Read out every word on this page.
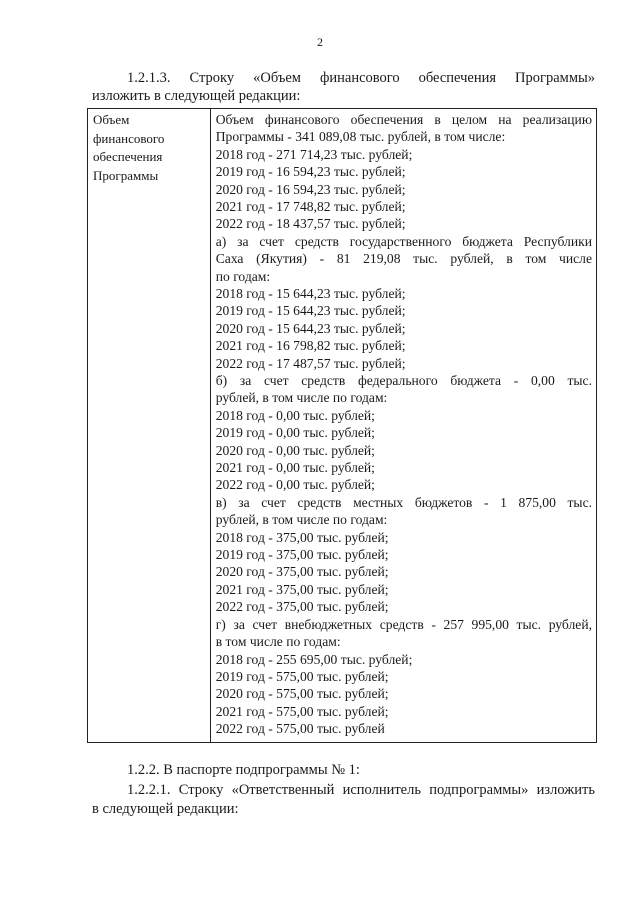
2
1.2.1.3. Строку «Объем финансового обеспечения Программы»
изложить в следующей редакции:
Объем
финансового
обеспечения
Программы

Объем финансового обеспечения в целом на реализацию
Программы - 341 089,08 тыс. рублей, в том числе:
2018 год - 271 714,23 тыс. рублей;
2019 год - 16 594,23 тыс. рублей;
2020 год - 16 594,23 тыс. рублей;
2021 год - 17 748,82 тыс. рублей;
2022 год - 18 437,57 тыс. рублей;
а) за счет средств государственного бюджета Республики
Саха (Якутия) - 81 219,08 тыс. рублей, в том числе
по годам:
2018 год - 15 644,23 тыс. рублей;
2019 год - 15 644,23 тыс. рублей;
2020 год - 15 644,23 тыс. рублей;
2021 год - 16 798,82 тыс. рублей;
2022 год - 17 487,57 тыс. рублей;
б) за счет средств федерального бюджета - 0,00 тыс.
рублей, в том числе по годам:
2018 год - 0,00 тыс. рублей;
2019 год - 0,00 тыс. рублей;
2020 год - 0,00 тыс. рублей;
2021 год - 0,00 тыс. рублей;
2022 год - 0,00 тыс. рублей;
в) за счет средств местных бюджетов - 1 875,00 тыс.
рублей, в том числе по годам:
2018 год - 375,00 тыс. рублей;
2019 год - 375,00 тыс. рублей;
2020 год - 375,00 тыс. рублей;
2021 год - 375,00 тыс. рублей;
2022 год - 375,00 тыс. рублей;
г) за счет внебюджетных средств - 257 995,00 тыс. рублей,
в том числе по годам:
2018 год - 255 695,00 тыс. рублей;
2019 год - 575,00 тыс. рублей;
2020 год - 575,00 тыс. рублей;
2021 год - 575,00 тыс. рублей;
2022 год - 575,00 тыс. рублей
1.2.2. В паспорте подпрограммы № 1:
1.2.2.1. Строку «Ответственный исполнитель подпрограммы» изложить
в следующей редакции:
